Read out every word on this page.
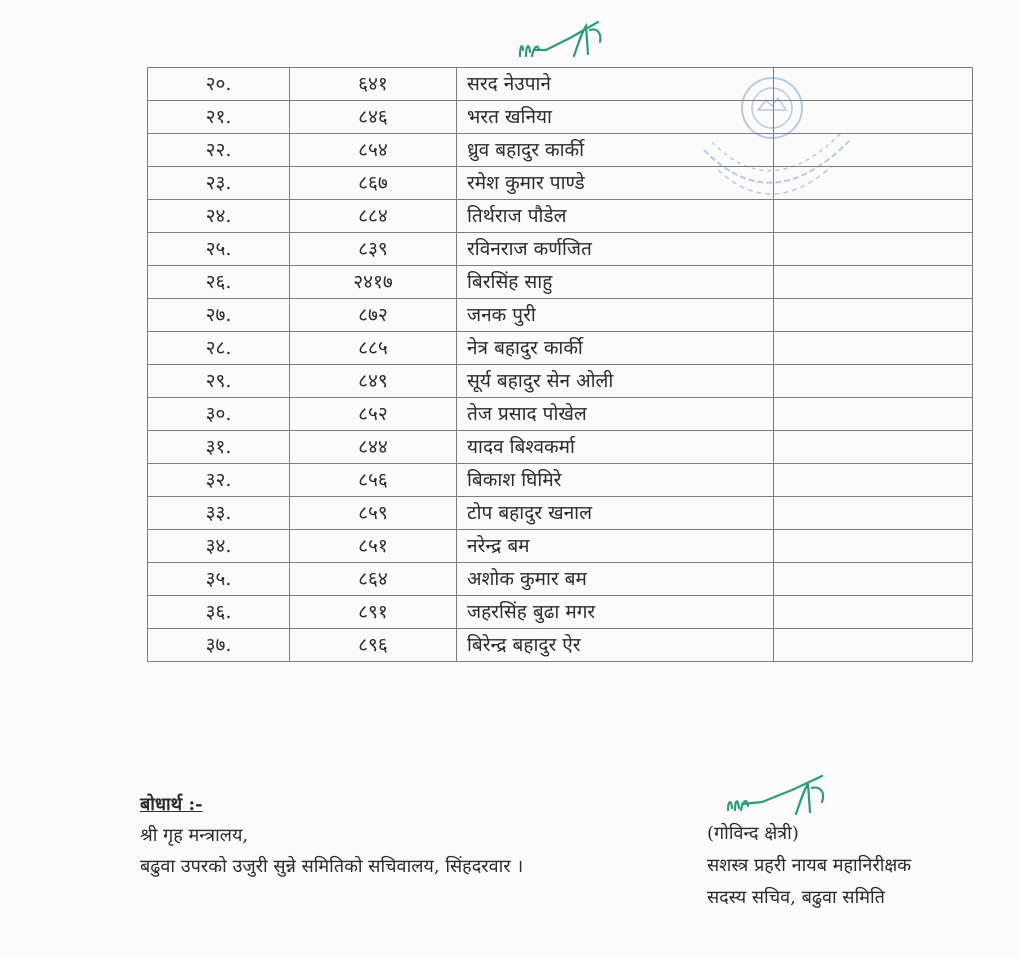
२०.	६४१	सरद नेउपाने	
२१.	८४६	भरत खनिया	
२२.	८५४	ध्रुव बहादुर कार्की	
२३.	८६७	रमेश कुमार पाण्डे	
२४.	८८४	तिर्थराज पौडेल	
२५.	८३९	रविनराज कर्णजित	
२६.	२४१७	बिरसिंह साहु	
२७.	८७२	जनक पुरी	
२८.	८८५	नेत्र बहादुर कार्की	
२९.	८४९	सूर्य बहादुर सेन ओली	
३०.	८५२	तेज प्रसाद पोखेल	
३१.	८४४	यादव बिश्वकर्मा	
३२.	८५६	बिकाश घिमिरे	
३३.	८५९	टोप बहादुर खनाल	
३४.	८५१	नरेन्द्र बम	
३५.	८६४	अशोक कुमार बम	
३६.	८९१	जहरसिंह बुढा मगर	
३७.	८९६	बिरेन्द्र बहादुर ऐर	
बोधार्थ :-
श्री गृह मन्त्रालय,
बढुवा उपरको उजुरी सुन्ने समितिको सचिवालय, सिंहदरवार ।
(गोविन्द क्षेत्री)
सशस्त्र प्रहरी नायब महानिरीक्षक
सदस्य सचिव, बढुवा समिति
